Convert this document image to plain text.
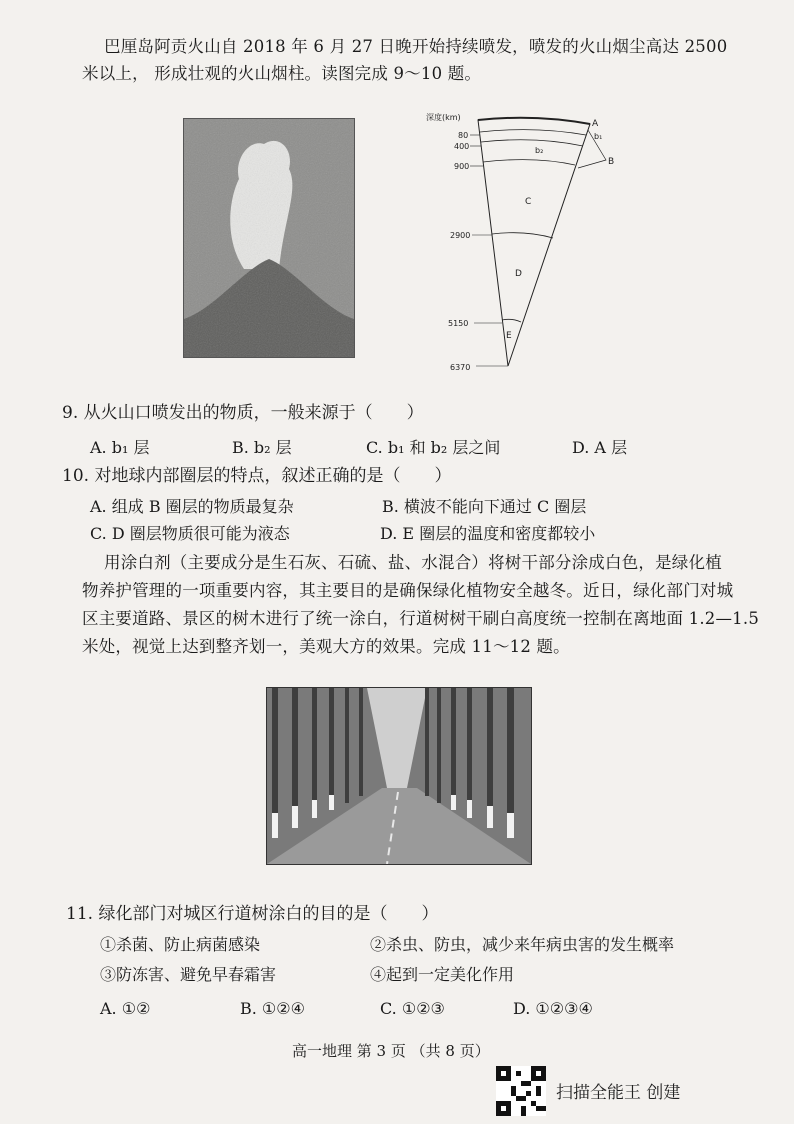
巴厘岛阿贡火山自 2018 年 6 月 27 日晚开始持续喷发，喷发的火山烟尘高达 2500
米以上， 形成壮观的火山烟柱。读图完成 9～10 题。
深度(km)
80
400
900
2900
5150
6370
A
b₁
b₂
B
C
D
E
9. 从火山口喷发出的物质，一般来源于（　　）
A. b₁ 层	B. b₂ 层	C. b₁ 和 b₂ 层之间	D. A 层
10. 对地球内部圈层的特点，叙述正确的是（　　）
A. 组成 B 圈层的物质最复杂	B. 横波不能向下通过 C 圈层
C. D 圈层物质很可能为液态	D. E 圈层的温度和密度都较小
用涂白剂（主要成分是生石灰、石硫、盐、水混合）将树干部分涂成白色，是绿化植
物养护管理的一项重要内容，其主要目的是确保绿化植物安全越冬。近日，绿化部门对城
区主要道路、景区的树木进行了统一涂白，行道树树干刷白高度统一控制在离地面 1.2—1.5
米处，视觉上达到整齐划一，美观大方的效果。完成 11～12 题。
11. 绿化部门对城区行道树涂白的目的是（　　）
①杀菌、防止病菌感染	②杀虫、防虫，减少来年病虫害的发生概率
③防冻害、避免早春霜害	④起到一定美化作用
A. ①②	B. ①②④	C. ①②③	D. ①②③④
高一地理 第 3 页 （共 8 页）
扫描全能王 创建
